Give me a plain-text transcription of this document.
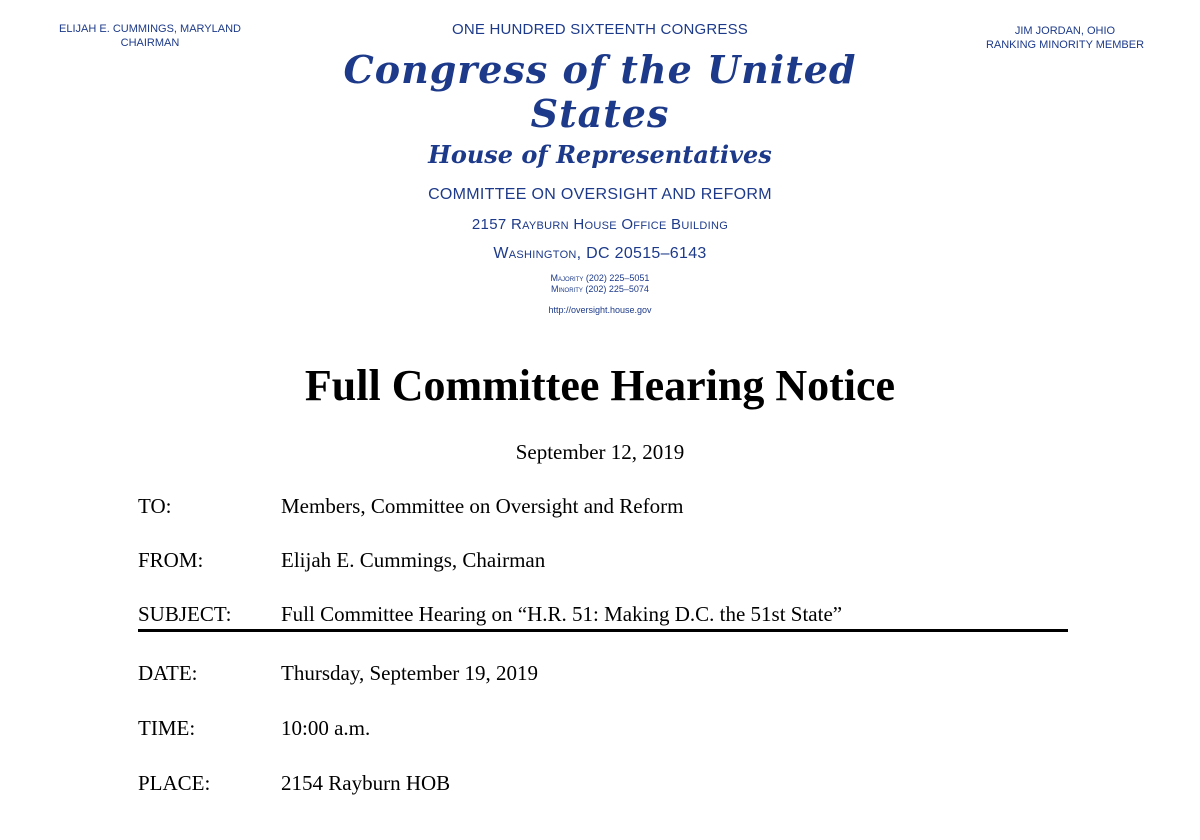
ELIJAH E. CUMMINGS, MARYLAND
CHAIRMAN
JIM JORDAN, OHIO
RANKING MINORITY MEMBER
ONE HUNDRED SIXTEENTH CONGRESS
Congress of the United States
House of Representatives
COMMITTEE ON OVERSIGHT AND REFORM
2157 Rayburn House Office Building
Washington, DC 20515–6143
Majority (202) 225–5051
Minority (202) 225–5074
http://oversight.house.gov
Full Committee Hearing Notice
September 12, 2019
TO:	Members, Committee on Oversight and Reform
FROM:	Elijah E. Cummings, Chairman
SUBJECT: Full Committee Hearing on “H.R. 51: Making D.C. the 51st State”
DATE:	Thursday, September 19, 2019
TIME:	10:00 a.m.
PLACE:	2154 Rayburn HOB
